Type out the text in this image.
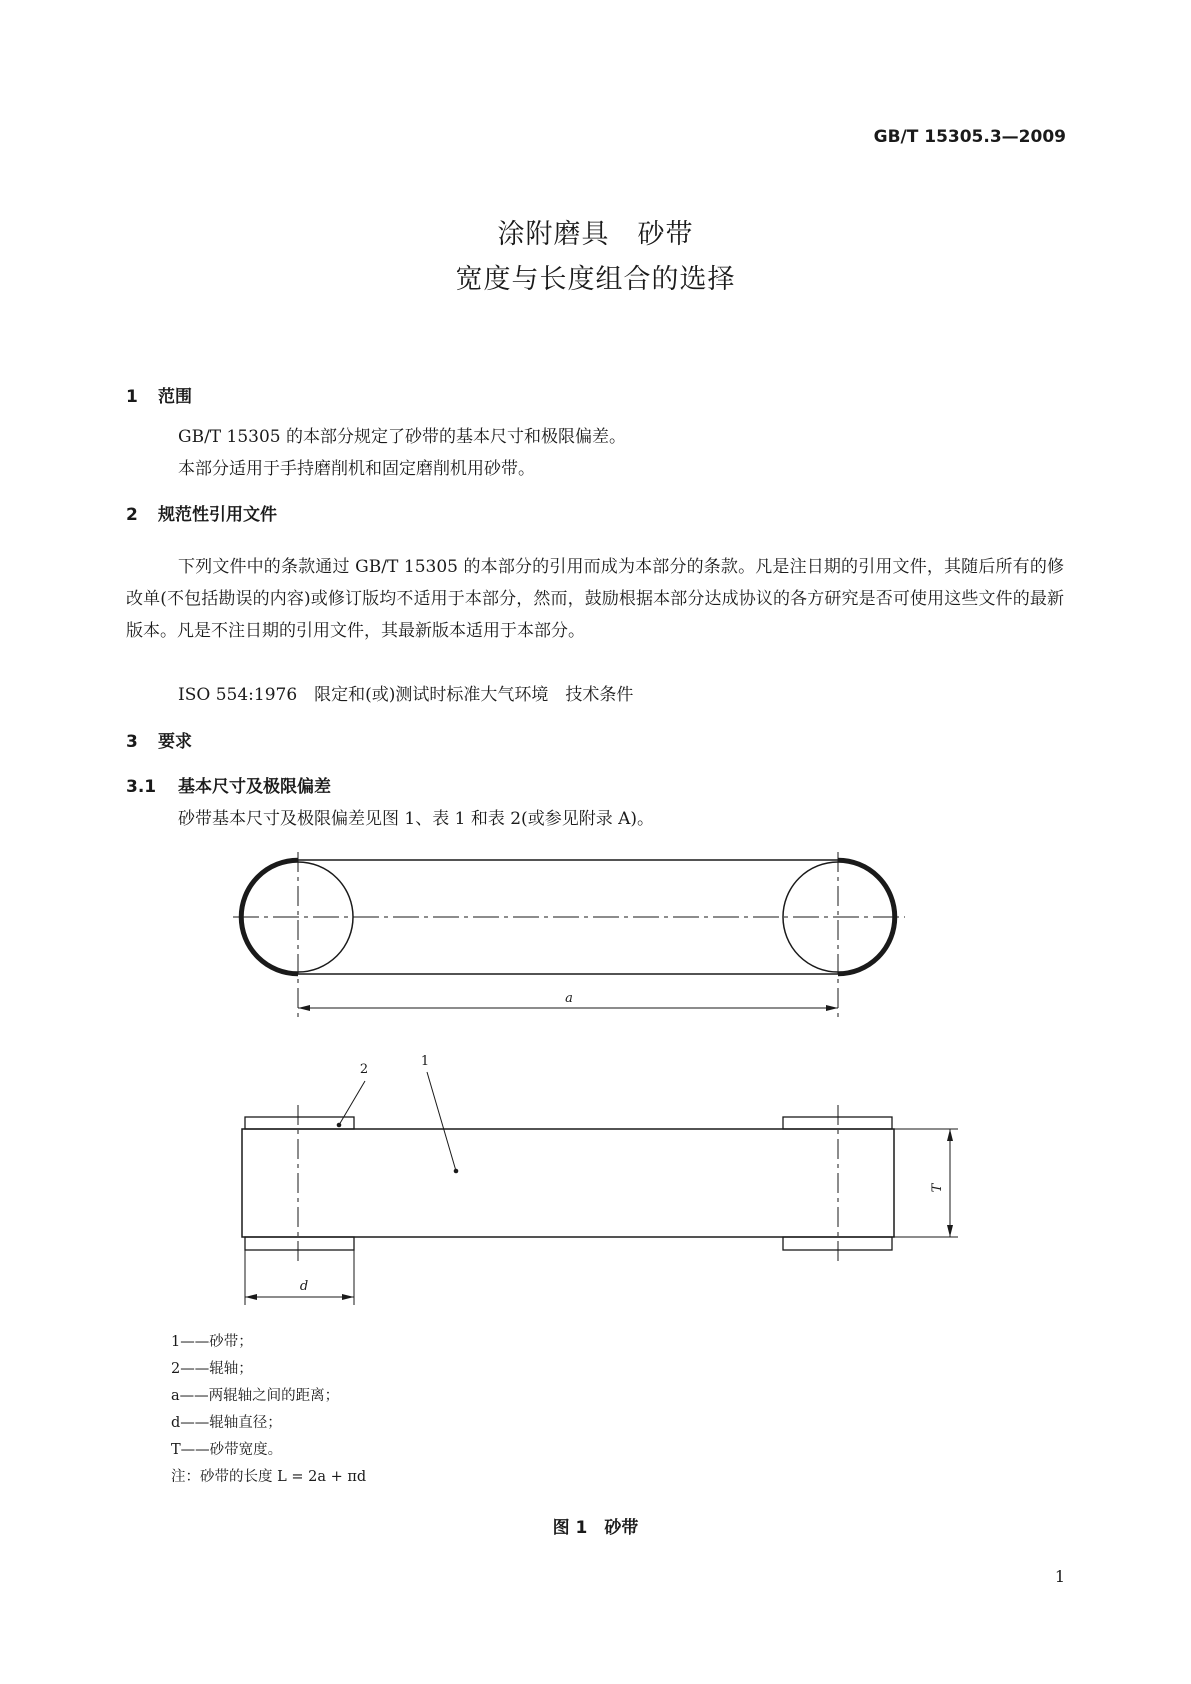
GB/T 15305.3—2009
涂附磨具　砂带
宽度与长度组合的选择
1 范围
GB/T 15305 的本部分规定了砂带的基本尺寸和极限偏差。
本部分适用于手持磨削机和固定磨削机用砂带。
2 规范性引用文件
下列文件中的条款通过 GB/T 15305 的本部分的引用而成为本部分的条款。凡是注日期的引用文件，其随后所有的修改单(不包括勘误的内容)或修订版均不适用于本部分，然而，鼓励根据本部分达成协议的各方研究是否可使用这些文件的最新版本。凡是不注日期的引用文件，其最新版本适用于本部分。
ISO 554:1976　限定和(或)测试时标准大气环境　技术条件
3 要求
3.1 基本尺寸及极限偏差
砂带基本尺寸及极限偏差见图 1、表 1 和表 2(或参见附录 A)。
a
2
1
d
T
1——砂带；
2——辊轴；
a——两辊轴之间的距离；
d——辊轴直径；
T——砂带宽度。
注：砂带的长度 L = 2a + πd
图 1　砂带
1
